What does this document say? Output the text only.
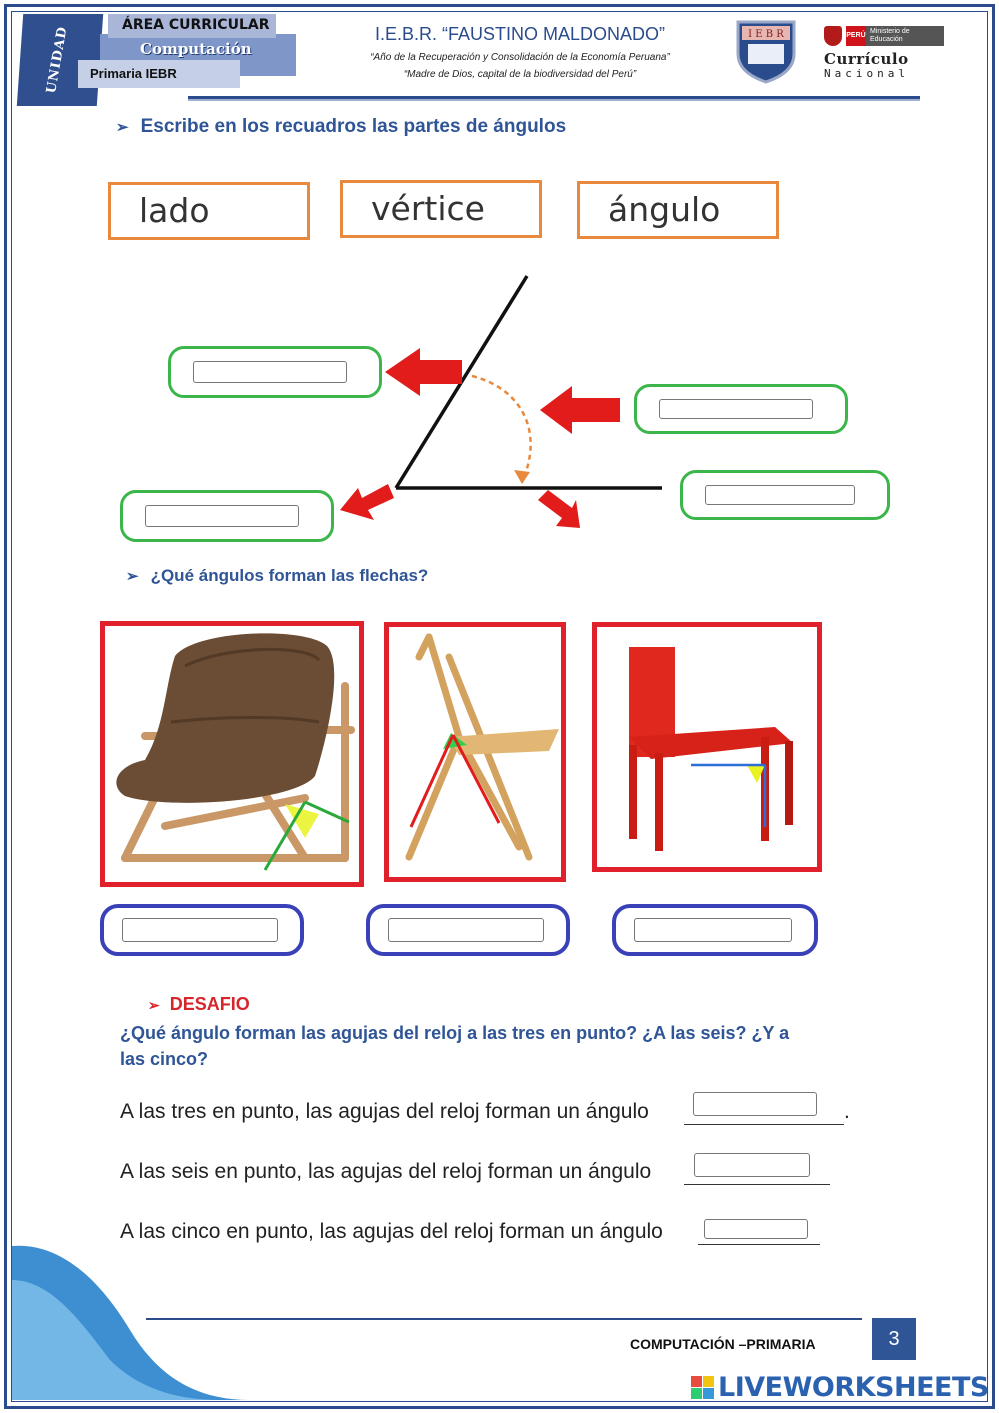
UNIDAD	Computación
ÁREA CURRICULAR
Primaria IEBR
I.E.B.R. “FAUSTINO MALDONADO”
“Año de la Recuperación y Consolidación de la Economía Peruana”
“Madre de Dios, capital de la biodiversidad del Perú”
I E B R	PERÚ
Ministerio de Educación
Currículo
Nacional
➢ Escribe en los recuadros las partes de ángulos
lado	vértice	ángulo
➢ ¿Qué ángulos forman las flechas?
➢ DESAFIO
¿Qué ángulo forman las agujas del reloj a las tres en punto? ¿A las seis? ¿Y a las cinco?
A las tres en punto, las agujas del reloj forman un ángulo	.
A las seis en punto, las agujas del reloj forman un ángulo
A las cinco en punto, las agujas del reloj forman un ángulo
COMPUTACIÓN –PRIMARIA	3
LIVEWORKSHEETS
